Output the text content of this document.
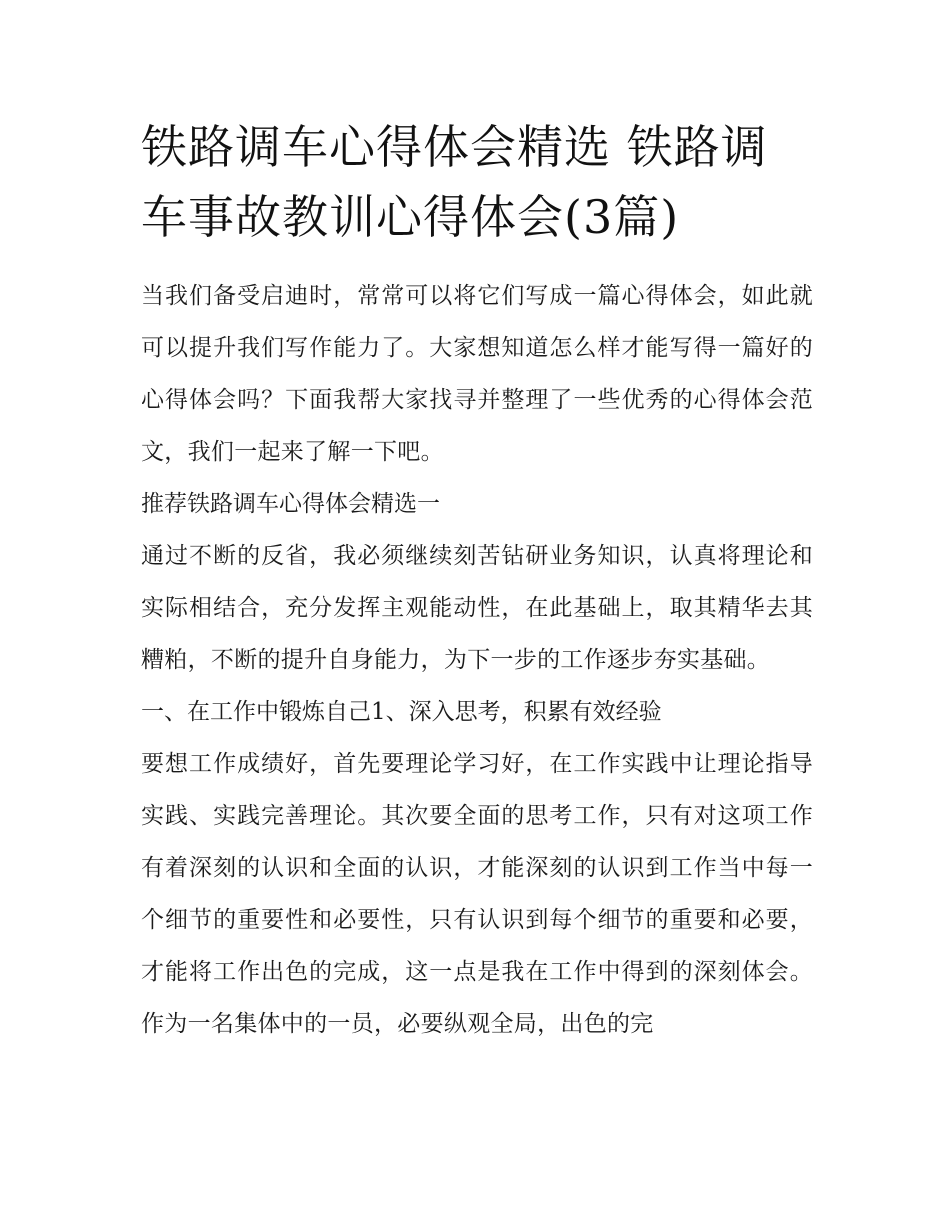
铁路调车心得体会精选 铁路调车事故教训心得体会(3篇)

当我们备受启迪时，常常可以将它们写成一篇心得体会，如此就可以提升我们写作能力了。大家想知道怎么样才能写得一篇好的心得体会吗？下面我帮大家找寻并整理了一些优秀的心得体会范文，我们一起来了解一下吧。

推荐铁路调车心得体会精选一

通过不断的反省，我必须继续刻苦钻研业务知识，认真将理论和实际相结合，充分发挥主观能动性，在此基础上，取其精华去其糟粕，不断的提升自身能力，为下一步的工作逐步夯实基础。

一、在工作中锻炼自己1、深入思考，积累有效经验

要想工作成绩好，首先要理论学习好，在工作实践中让理论指导实践、实践完善理论。其次要全面的思考工作，只有对这项工作有着深刻的认识和全面的认识，才能深刻的认识到工作当中每一个细节的重要性和必要性，只有认识到每个细节的重要和必要，才能将工作出色的完成，这一点是我在工作中得到的深刻体会。作为一名集体中的一员，必要纵观全局，出色的完
